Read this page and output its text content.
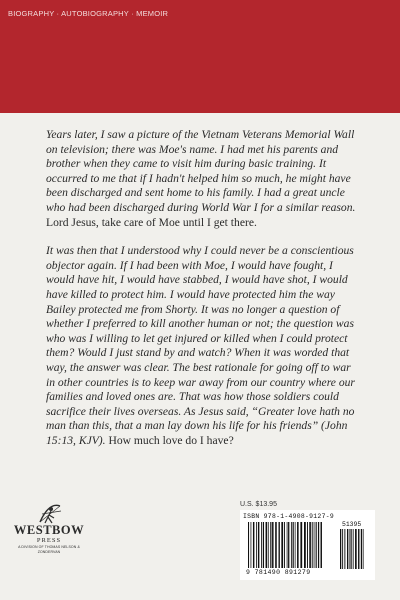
BIOGRAPHY · AUTOBIOGRAPHY · MEMOIR

Years later, I saw a picture of the Vietnam Veterans Memorial Wall on television; there was Moe's name. I had met his parents and brother when they came to visit him during basic training. It occurred to me that if I hadn't helped him so much, he might have been discharged and sent home to his family. I had a great uncle who had been discharged during World War I for a similar reason. Lord Jesus, take care of Moe until I get there.

It was then that I understood why I could never be a conscientious objector again. If I had been with Moe, I would have fought, I would have hit, I would have stabbed, I would have shot, I would have killed to protect him. I would have protected him the way Bailey protected me from Shorty. It was no longer a question of whether I preferred to kill another human or not; the question was who was I willing to let get injured or killed when I could protect them? Would I just stand by and watch? When it was worded that way, the answer was clear. The best rationale for going off to war in other countries is to keep war away from our country where our families and loved ones are. That was how those soldiers could sacrifice their lives overseas. As Jesus said, “Greater love hath no man than this, that a man lay down his life for his friends” (John 15:13, KJV). How much love do I have?

U.S. $13.95
ISBN 978-1-4908-9127-9
51395
9 781490 891279
WESTBOW
PRESS
A DIVISION OF THOMAS NELSON & ZONDERVAN
